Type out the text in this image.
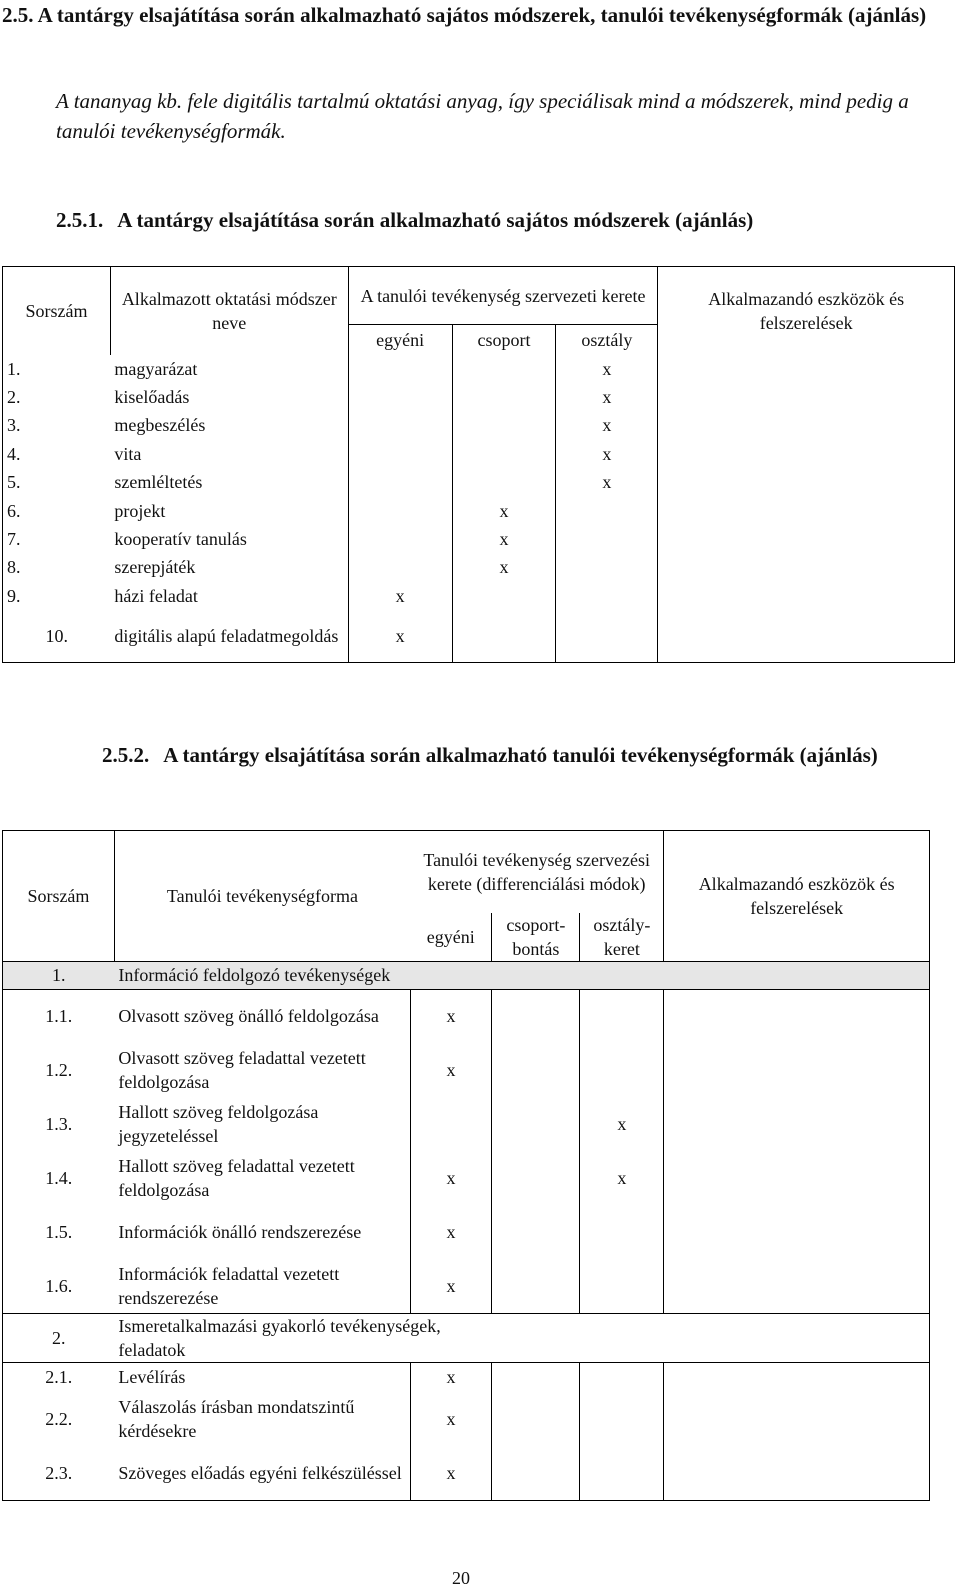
2.5. A tantárgy elsajátítása során alkalmazható sajátos módszerek, tanulói tevékenységformák (ajánlás)
A tananyag kb. fele digitális tartalmú oktatási anyag, így speciálisak mind a módszerek, mind pedig a tanulói tevékenységformák.
2.5.1. A tantárgy elsajátítása során alkalmazható sajátos módszerek (ajánlás)
Sorszám	Alkalmazott oktatási módszer neve	A tanulói tevékenység szervezeti kerete			Alkalmazandó eszközök és felszerelések
		egyéni	csoport	osztály	
1.	magyarázat			x	
2.	kiselőadás			x	
3.	megbeszélés			x	
4.	vita			x	
5.	szemléltetés			x	
6.	projekt		x		
7.	kooperatív tanulás		x		
8.	szerepjáték		x		
9.	házi feladat	x			
10.	digitális alapú feladatmegoldás	x			
2.5.2. A tantárgy elsajátítása során alkalmazható tanulói tevékenységformák (ajánlás)
Sorszám	Tanulói tevékenységforma	Tanulói tevékenység szervezési kerete (differenciálási módok)			Alkalmazandó eszközök és felszerelések
		egyéni	csoport-bontás	osztály-keret	
1.	Információ feldolgozó tevékenységek				
1.1.	Olvasott szöveg önálló feldolgozása	x			
1.2.	Olvasott szöveg feladattal vezetett feldolgozása	x			
1.3.	Hallott szöveg feldolgozása jegyzeteléssel			x	
1.4.	Hallott szöveg feladattal vezetett feldolgozása	x		x	
1.5.	Információk önálló rendszerezése	x			
1.6.	Információk feladattal vezetett rendszerezése	x			
2.	Ismeretalkalmazási gyakorló tevékenységek, feladatok				
2.1.	Levélírás	x			
2.2.	Válaszolás írásban mondatszintű kérdésekre	x			
2.3.	Szöveges előadás egyéni felkészüléssel	x			
20
